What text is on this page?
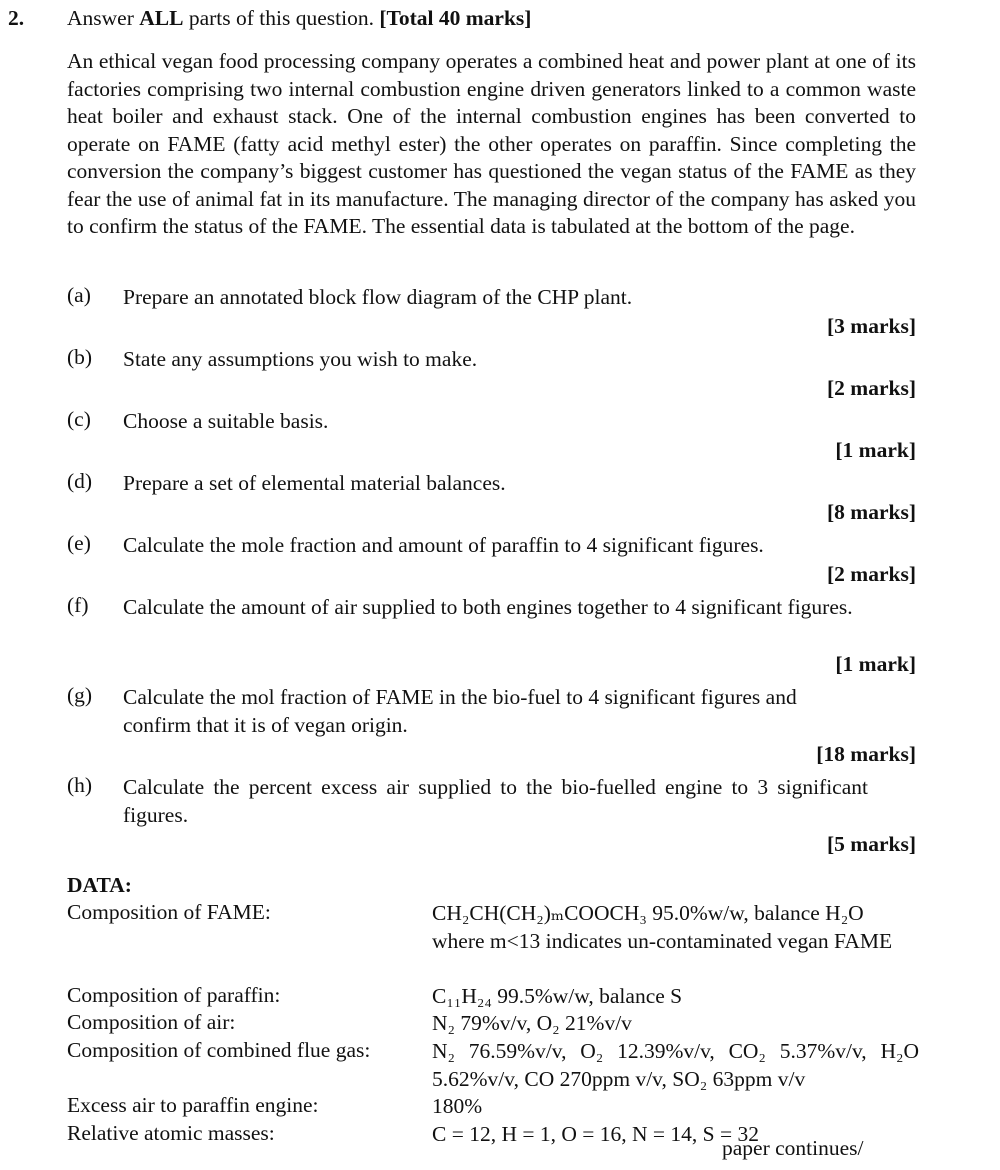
2. Answer ALL parts of this question. [Total 40 marks]

An ethical vegan food processing company operates a combined heat and power plant at one of its factories comprising two internal combustion engine driven generators linked to a common waste heat boiler and exhaust stack. One of the internal combustion engines has been converted to operate on FAME (fatty acid methyl ester) the other operates on paraffin. Since completing the conversion the company’s biggest customer has questioned the vegan status of the FAME as they fear the use of animal fat in its manufacture. The managing director of the company has asked you to confirm the status of the FAME. The essential data is tabulated at the bottom of the page.

(a) Prepare an annotated block flow diagram of the CHP plant.
[3 marks]
(b) State any assumptions you wish to make.
[2 marks]
(c) Choose a suitable basis.
[1 mark]
(d) Prepare a set of elemental material balances.
[8 marks]
(e) Calculate the mole fraction and amount of paraffin to 4 significant figures.
[2 marks]
(f) Calculate the amount of air supplied to both engines together to 4 significant figures.
[1 mark]
(g) Calculate the mol fraction of FAME in the bio-fuel to 4 significant figures and confirm that it is of vegan origin.
[18 marks]
(h) Calculate the percent excess air supplied to the bio-fuelled engine to 3 significant figures.
[5 marks]
DATA:
Composition of FAME:	CH₂CH(CH₂)ₘCOOCH₃ 95.0%w/w, balance H₂O where m<13 indicates un-contaminated vegan FAME
Composition of paraffin:	C₁₁H₂₄ 99.5%w/w, balance S
Composition of air:	N₂ 79%v/v, O₂ 21%v/v
Composition of combined flue gas:	N₂ 76.59%v/v, O₂ 12.39%v/v, CO₂ 5.37%v/v, H₂O 5.62%v/v, CO 270ppm v/v, SO₂ 63ppm v/v
Excess air to paraffin engine:	180%
Relative atomic masses:	C = 12, H = 1, O = 16, N = 14, S = 32
paper continues/
